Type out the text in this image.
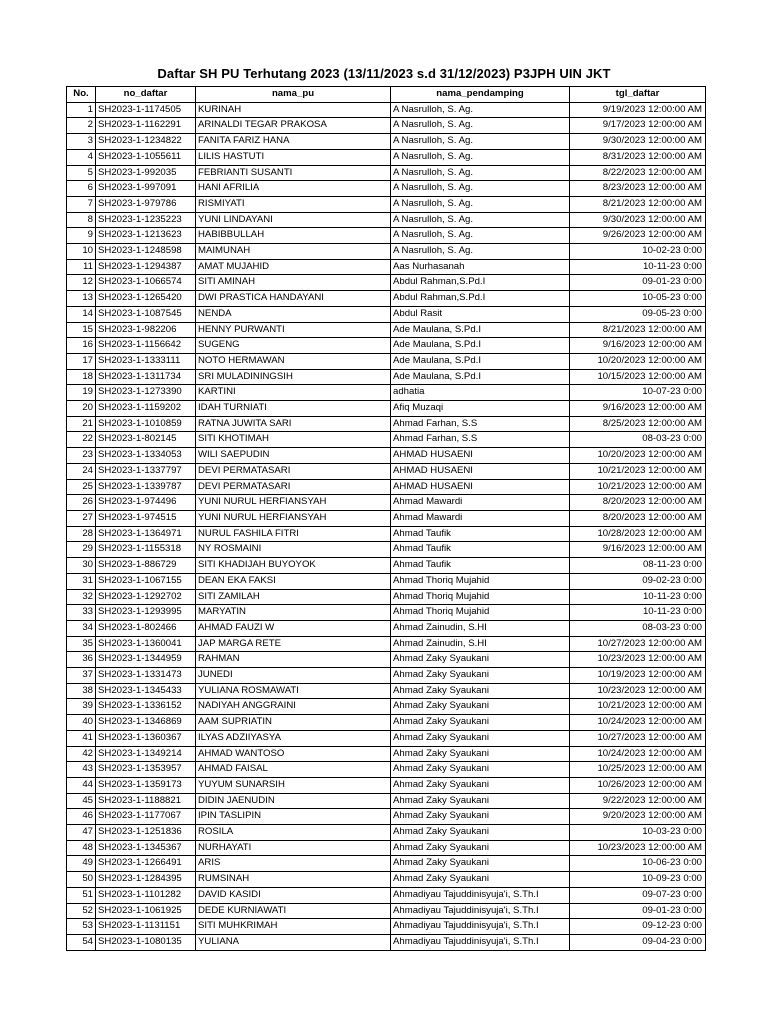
Daftar SH PU Terhutang 2023 (13/11/2023 s.d 31/12/2023) P3JPH UIN JKT
No.	no_daftar	nama_pu	nama_pendamping	tgl_daftar
1	SH2023-1-1174505	KURINAH	A Nasrulloh, S. Ag.	9/19/2023 12:00:00 AM
2	SH2023-1-1162291	ARINALDI TEGAR PRAKOSA	A Nasrulloh, S. Ag.	9/17/2023 12:00:00 AM
3	SH2023-1-1234822	FANITA FARIZ HANA	A Nasrulloh, S. Ag.	9/30/2023 12:00:00 AM
4	SH2023-1-1055611	LILIS HASTUTI	A Nasrulloh, S. Ag.	8/31/2023 12:00:00 AM
5	SH2023-1-992035	FEBRIANTI SUSANTI	A Nasrulloh, S. Ag.	8/22/2023 12:00:00 AM
6	SH2023-1-997091	HANI AFRILIA	A Nasrulloh, S. Ag.	8/23/2023 12:00:00 AM
7	SH2023-1-979786	RISMIYATI	A Nasrulloh, S. Ag.	8/21/2023 12:00:00 AM
8	SH2023-1-1235223	YUNI LINDAYANI	A Nasrulloh, S. Ag.	9/30/2023 12:00:00 AM
9	SH2023-1-1213623	HABIBBULLAH	A Nasrulloh, S. Ag.	9/26/2023 12:00:00 AM
10	SH2023-1-1248598	MAIMUNAH	A Nasrulloh, S. Ag.	10-02-23 0:00
11	SH2023-1-1294387	AMAT MUJAHID	Aas Nurhasanah	10-11-23 0:00
12	SH2023-1-1066574	SITI AMINAH	Abdul Rahman,S.Pd.I	09-01-23 0:00
13	SH2023-1-1265420	DWI PRASTICA HANDAYANI	Abdul Rahman,S.Pd.I	10-05-23 0:00
14	SH2023-1-1087545	NENDA	Abdul Rasit	09-05-23 0:00
15	SH2023-1-982206	HENNY PURWANTI	Ade Maulana, S.Pd.I	8/21/2023 12:00:00 AM
16	SH2023-1-1156642	SUGENG	Ade Maulana, S.Pd.I	9/16/2023 12:00:00 AM
17	SH2023-1-1333111	NOTO HERMAWAN	Ade Maulana, S.Pd.I	10/20/2023 12:00:00 AM
18	SH2023-1-1311734	SRI MULADININGSIH	Ade Maulana, S.Pd.I	10/15/2023 12:00:00 AM
19	SH2023-1-1273390	KARTINI	adhatia	10-07-23 0:00
20	SH2023-1-1159202	IDAH TURNIATI	Afiq Muzaqi	9/16/2023 12:00:00 AM
21	SH2023-1-1010859	RATNA JUWITA SARI	Ahmad Farhan, S.S	8/25/2023 12:00:00 AM
22	SH2023-1-802145	SITI KHOTIMAH	Ahmad Farhan, S.S	08-03-23 0:00
23	SH2023-1-1334053	WILI SAEPUDIN	AHMAD HUSAENI	10/20/2023 12:00:00 AM
24	SH2023-1-1337797	DEVI PERMATASARI	AHMAD HUSAENI	10/21/2023 12:00:00 AM
25	SH2023-1-1339787	DEVI PERMATASARI	AHMAD HUSAENI	10/21/2023 12:00:00 AM
26	SH2023-1-974496	YUNI NURUL HERFIANSYAH	Ahmad Mawardi	8/20/2023 12:00:00 AM
27	SH2023-1-974515	YUNI NURUL HERFIANSYAH	Ahmad Mawardi	8/20/2023 12:00:00 AM
28	SH2023-1-1364971	NURUL FASHILA FITRI	Ahmad Taufik	10/28/2023 12:00:00 AM
29	SH2023-1-1155318	NY ROSMAINI	Ahmad Taufik	9/16/2023 12:00:00 AM
30	SH2023-1-886729	SITI KHADIJAH BUYOYOK	Ahmad Taufik	08-11-23 0:00
31	SH2023-1-1067155	DEAN EKA FAKSI	Ahmad Thoriq Mujahid	09-02-23 0:00
32	SH2023-1-1292702	SITI ZAMILAH	Ahmad Thoriq Mujahid	10-11-23 0:00
33	SH2023-1-1293995	MARYATIN	Ahmad Thoriq Mujahid	10-11-23 0:00
34	SH2023-1-802466	AHMAD FAUZI W	Ahmad Zainudin, S.HI	08-03-23 0:00
35	SH2023-1-1360041	JAP MARGA RETE	Ahmad Zainudin, S.HI	10/27/2023 12:00:00 AM
36	SH2023-1-1344959	RAHMAN	Ahmad Zaky Syaukani	10/23/2023 12:00:00 AM
37	SH2023-1-1331473	JUNEDI	Ahmad Zaky Syaukani	10/19/2023 12:00:00 AM
38	SH2023-1-1345433	YULIANA ROSMAWATI	Ahmad Zaky Syaukani	10/23/2023 12:00:00 AM
39	SH2023-1-1336152	NADIYAH ANGGRAINI	Ahmad Zaky Syaukani	10/21/2023 12:00:00 AM
40	SH2023-1-1346869	AAM SUPRIATIN	Ahmad Zaky Syaukani	10/24/2023 12:00:00 AM
41	SH2023-1-1360367	ILYAS ADZIIYASYA	Ahmad Zaky Syaukani	10/27/2023 12:00:00 AM
42	SH2023-1-1349214	AHMAD WANTOSO	Ahmad Zaky Syaukani	10/24/2023 12:00:00 AM
43	SH2023-1-1353957	AHMAD FAISAL	Ahmad Zaky Syaukani	10/25/2023 12:00:00 AM
44	SH2023-1-1359173	YUYUM SUNARSIH	Ahmad Zaky Syaukani	10/26/2023 12:00:00 AM
45	SH2023-1-1188821	DIDIN JAENUDIN	Ahmad Zaky Syaukani	9/22/2023 12:00:00 AM
46	SH2023-1-1177067	IPIN TASLIPIN	Ahmad Zaky Syaukani	9/20/2023 12:00:00 AM
47	SH2023-1-1251836	ROSILA	Ahmad Zaky Syaukani	10-03-23 0:00
48	SH2023-1-1345367	NURHAYATI	Ahmad Zaky Syaukani	10/23/2023 12:00:00 AM
49	SH2023-1-1266491	ARIS	Ahmad Zaky Syaukani	10-06-23 0:00
50	SH2023-1-1284395	RUMSINAH	Ahmad Zaky Syaukani	10-09-23 0:00
51	SH2023-1-1101282	DAVID KASIDI	Ahmadiyau Tajuddinisyuja'i, S.Th.I	09-07-23 0:00
52	SH2023-1-1061925	DEDE KURNIAWATI	Ahmadiyau Tajuddinisyuja'i, S.Th.I	09-01-23 0:00
53	SH2023-1-1131151	SITI MUHKRIMAH	Ahmadiyau Tajuddinisyuja'i, S.Th.I	09-12-23 0:00
54	SH2023-1-1080135	YULIANA	Ahmadiyau Tajuddinisyuja'i, S.Th.I	09-04-23 0:00
